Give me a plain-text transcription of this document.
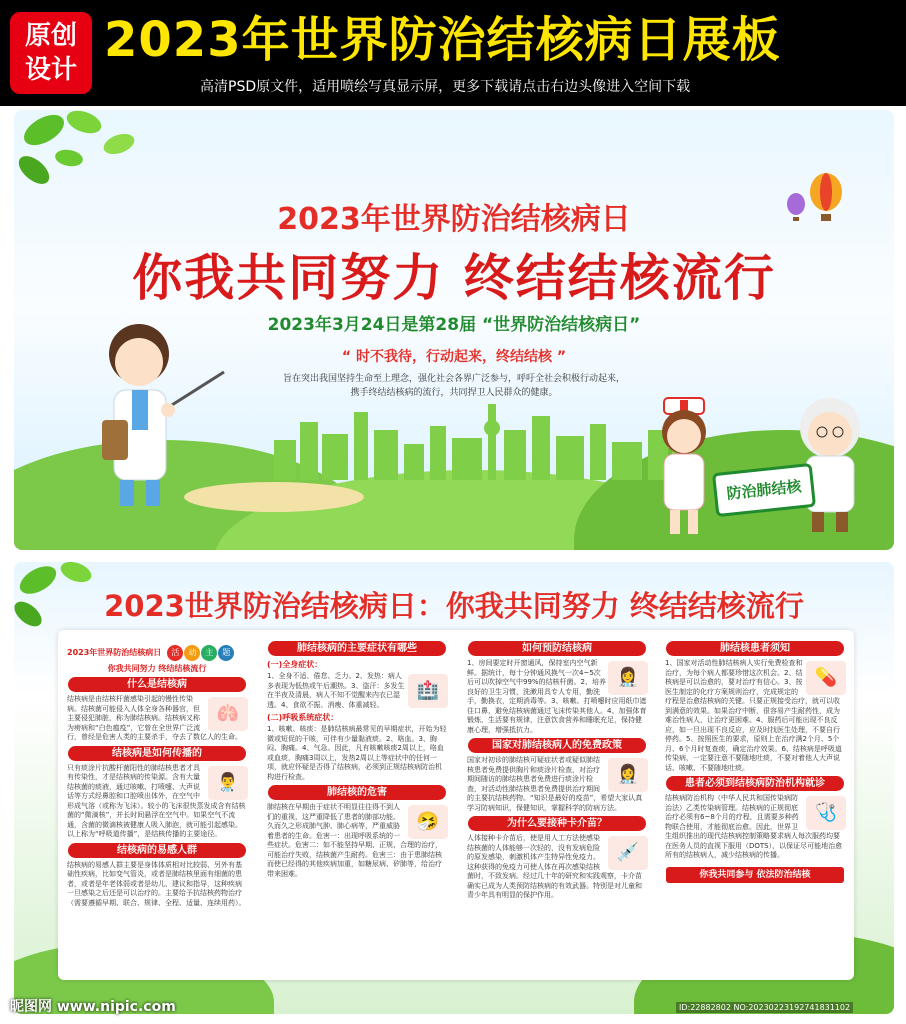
原创
设计
2023年世界防治结核病日展板
高清PSD原文件，适用喷绘写真显示屏，更多下载请点击右边头像进入空间下载
2023年世界防治结核病日
你我共同努力 终结结核流行
2023年3月24日是第28届 “世界防治结核病日”
“ 时不我待，行动起来，终结结核 ”
旨在突出我国坚持生命至上理念，强化社会各界广泛参与，呼吁全社会积极行动起来，
携手终结结核病的流行，共同捍卫人民群众的健康。
防治肺结核
2023世界防治结核病日：你我共同努力 终结结核流行
2023年世界防治结核病日 活 动 主 题
你我共同努力 终结结核流行
什么是结核病
🫁
结核病是由结核杆菌感染引起的慢性传染病。结核菌可能侵入人体全身各种器官，但主要侵犯肺脏，称为肺结核病。结核病又称为痨病和“白色瘟疫”，它曾在全世界广泛流行，曾经是危害人类的主要杀手，夺去了数亿人的生命。
结核病是如何传播的
👨‍⚕️
只有痰涂片抗酸杆菌阳性的肺结核患者才具有传染性，才是结核病的传染源。含有大量结核菌的痰液，通过咳嗽、打喷嚏、大声说话等方式经鼻腔和口腔喷出体外，在空气中形成气溶（或称为飞沫）。较小的飞沫很快蒸发成含有结核菌的“微滴核”，并长时间悬浮在空气中。如果空气不流通，含菌的微滴核被健康人吸入肺泡，就可能引起感染。以上称为“呼吸道传播”，是结核传播的主要途径。
结核病的易感人群
结核病的易感人群主要是身体体质相对比较弱、另外有基础性疾病，比如变气管炎，或者是肺结核里面有细菌的患者，或者是年老体弱或者是幼儿、建议和指导，这种疾病一旦感染之后还是可以治疗的。主要给予抗结核药物治疗（需要遵循早期、联合、规律、全程、适量、连续用药）。
肺结核病的主要症状有哪些
(一)全身症状：
🏥
1、全身不适、倦怠、乏力。2、发热：病人多表现为低热或午后潮热。3、盗汗：多发生在半夜及清晨，病人不知不觉醒来内衣已湿透。4、食欲不振、消瘦、体重减轻。
(二)呼吸系统症状：
1、咳嗽、咳痰：是肺结核病最常见的早期症状，开始为轻微或短促的干咳，可伴有少量黏液痰。2、咯血。3、胸闷、胸痛。4、气急。因此，凡有咳嗽咳痰2周以上，咯血或血痰，胸痛3周以上，发热2周以上等症状中的任何一项，就应怀疑是否得了结核病，必须到正规结核病防治机构进行检查。
肺结核的危害
🤧
肺结核在早期由于症状不明显往往得不到人们的重视，这严重降低了患者的肺部功能。久而久之形成肺气肿、肺心病等，严重威胁着患者的生命。危害一：出现呼吸系统的一些症状。危害二：如不能坚持早期、正规、合理的治疗，可能治疗失败，结核菌产生耐药。危害三：由于患肺结核而使已经得的其他疾病加重，如糖尿病、矽肺等，给治疗带来困难。
如何预防结核病
👩‍⚕️
1、房间要定时开窗通风，保持室内空气新鲜。据统计，每十分钟通风换气一次4~5次后可以吹掉空气中99%的结核杆菌。2、培养良好的卫生习惯，洗漱用具专人专用，勤洗手，勤换衣，定期消毒等。3、咳嗽、打喷嚏时应用纸巾遮住口鼻，避免结核病菌通过飞沫传染其他人。4、加强体育锻炼，生活要有规律，注意饮食营养和睡眠充足，保持健康心理，增强抵抗力。
国家对肺结核病人的免费政策
👩‍⚕️
国家对初诊的肺结核可疑症状者或疑似肺结核患者免费提供胸片和痰涂片检查，对治疗期间随访的肺结核患者免费进行痰涂片检查，对活动性肺结核患者免费提供治疗期间的主要抗结核药物。“知识是最好的疫苗”，希望大家认真学习防病知识，保健知识，掌握科学的防病方法。
为什么要接种卡介苗？
💉
人体接种卡介苗后，使是用人工方法使感染结核菌的人体能够一次轻的，没有发病危险的原发感染，刺激机体产生特异性免疫力。这种获得的免疫力可使人体在再次感染结核菌时，不致发病。经过几十年的研究和实践观察，卡介苗确实已成为人类预防结核病的有效武器。特别是对儿童和青少年具有明显的保护作用。
肺结核患者须知
💊
1、国家对活动性肺结核病人实行免费检查和治疗，为每个病人都要珍惜这次机会。2、结核病是可以治愈的，要对治疗有信心。3、按医生制定的化疗方案规则治疗，完成规定的疗程是治愈结核病的关键。只要正规接受治疗，就可以收到满意的效果。如果治疗中断，很容易产生耐药性，成为难治性病人，让治疗更困难。4、服药后可能出现不良反应，如一旦出现不良反应，应及时找医生处理，不要自行停药。5、按照医生的要求，原则上在治疗满2个月、5个月、6个月时复查痰，确定治疗效果。6、结核病是呼吸道传染病，一定要注意不要随地吐痰，不要对着他人大声说话、咳嗽、不要随地吐痰。
患者必须到结核病防治机构就诊
🩺
结核病防治机构（中华人民共和国传染病防治法）乙类传染病管理。结核病的正规彻底治疗必须有6~8个月的疗程，且需要多种药物联合使用，才能彻底治愈。因此，世界卫生组织推出的现代结核病控制策略要求病人每次服药均要在医务人员的直视下服用（DOTS），以保证尽可能地治愈所有的结核病人，减少结核病的传播。
你我共同参与 依法防治结核
昵图网 www.nipic.com	ID:22882802 NO:20230223192741831102
